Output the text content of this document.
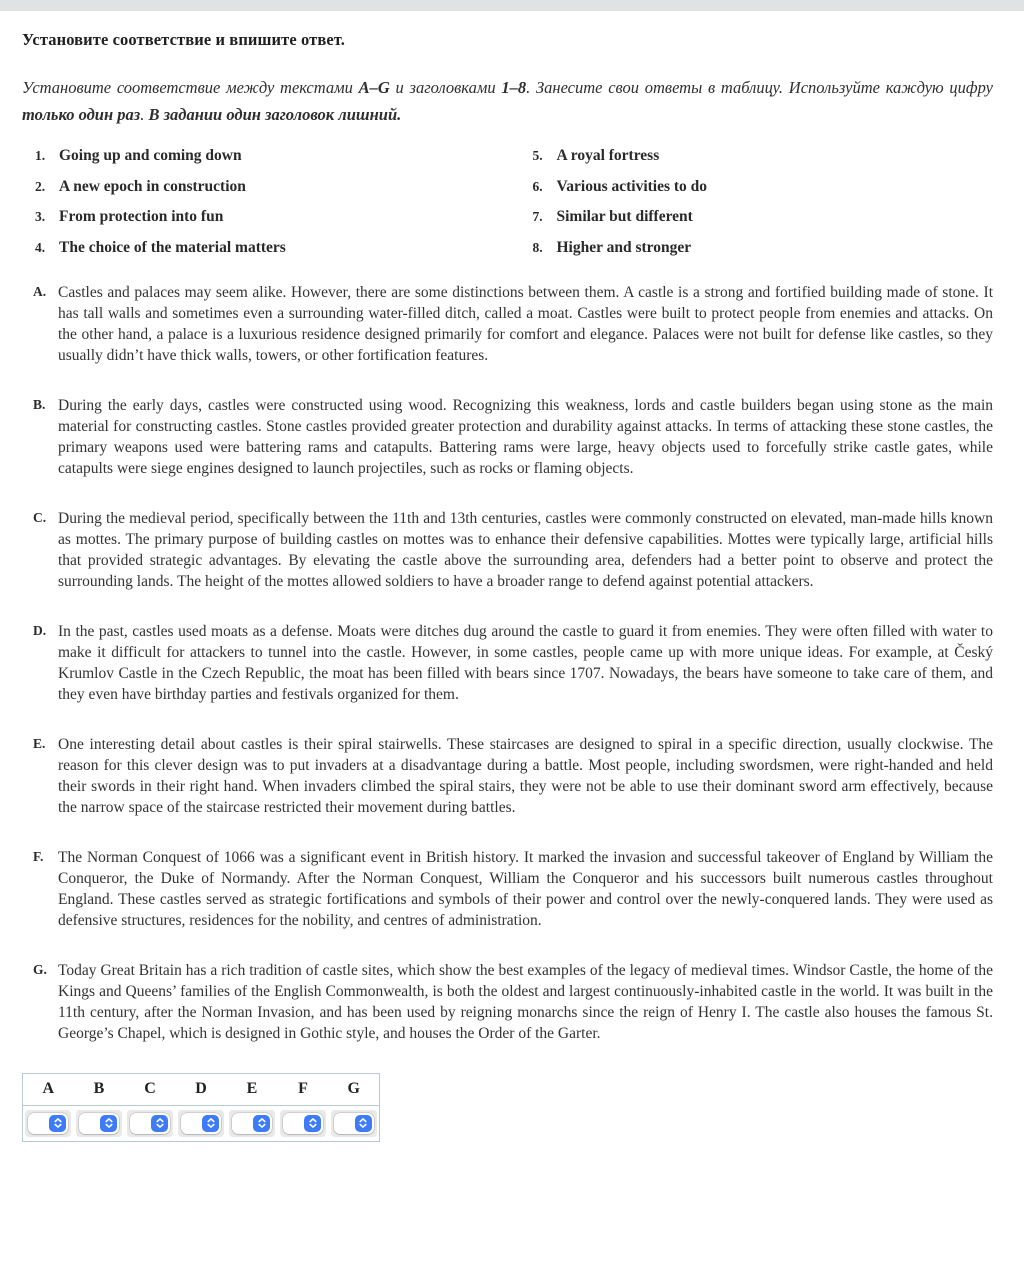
Установите соответствие и впишите ответ.
Установите соответствие между текстами A–G и заголовками 1–8. Занесите свои ответы в таблицу. Используйте каждую цифру только один раз. В задании один заголовок лишний.
1. Going up and coming down
2. A new epoch in construction
3. From protection into fun
4. The choice of the material matters
5. A royal fortress
6. Various activities to do
7. Similar but different
8. Higher and stronger
A. Castles and palaces may seem alike. However, there are some distinctions between them. A castle is a strong and fortified building made of stone. It has tall walls and sometimes even a surrounding water-filled ditch, called a moat. Castles were built to protect people from enemies and attacks. On the other hand, a palace is a luxurious residence designed primarily for comfort and elegance. Palaces were not built for defense like castles, so they usually didn’t have thick walls, towers, or other fortification features.
B. During the early days, castles were constructed using wood. Recognizing this weakness, lords and castle builders began using stone as the main material for constructing castles. Stone castles provided greater protection and durability against attacks. In terms of attacking these stone castles, the primary weapons used were battering rams and catapults. Battering rams were large, heavy objects used to forcefully strike castle gates, while catapults were siege engines designed to launch projectiles, such as rocks or flaming objects.
C. During the medieval period, specifically between the 11th and 13th centuries, castles were commonly constructed on elevated, man-made hills known as mottes. The primary purpose of building castles on mottes was to enhance their defensive capabilities. Mottes were typically large, artificial hills that provided strategic advantages. By elevating the castle above the surrounding area, defenders had a better point to observe and protect the surrounding lands. The height of the mottes allowed soldiers to have a broader range to defend against potential attackers.
D. In the past, castles used moats as a defense. Moats were ditches dug around the castle to guard it from enemies. They were often filled with water to make it difficult for attackers to tunnel into the castle. However, in some castles, people came up with more unique ideas. For example, at Český Krumlov Castle in the Czech Republic, the moat has been filled with bears since 1707. Nowadays, the bears have someone to take care of them, and they even have birthday parties and festivals organized for them.
E. One interesting detail about castles is their spiral stairwells. These staircases are designed to spiral in a specific direction, usually clockwise. The reason for this clever design was to put invaders at a disadvantage during a battle. Most people, including swordsmen, were right-handed and held their swords in their right hand. When invaders climbed the spiral stairs, they were not be able to use their dominant sword arm effectively, because the narrow space of the staircase restricted their movement during battles.
F. The Norman Conquest of 1066 was a significant event in British history. It marked the invasion and successful takeover of England by William the Conqueror, the Duke of Normandy. After the Norman Conquest, William the Conqueror and his successors built numerous castles throughout England. These castles served as strategic fortifications and symbols of their power and control over the newly-conquered lands. They were used as defensive structures, residences for the nobility, and centres of administration.
G. Today Great Britain has a rich tradition of castle sites, which show the best examples of the legacy of medieval times. Windsor Castle, the home of the Kings and Queens’ families of the English Commonwealth, is both the oldest and largest continuously-inhabited castle in the world. It was built in the 11th century, after the Norman Invasion, and has been used by reigning monarchs since the reign of Henry I. The castle also houses the famous St. George’s Chapel, which is designed in Gothic style, and houses the Order of the Garter.
A	B	C	D	E	F	G
